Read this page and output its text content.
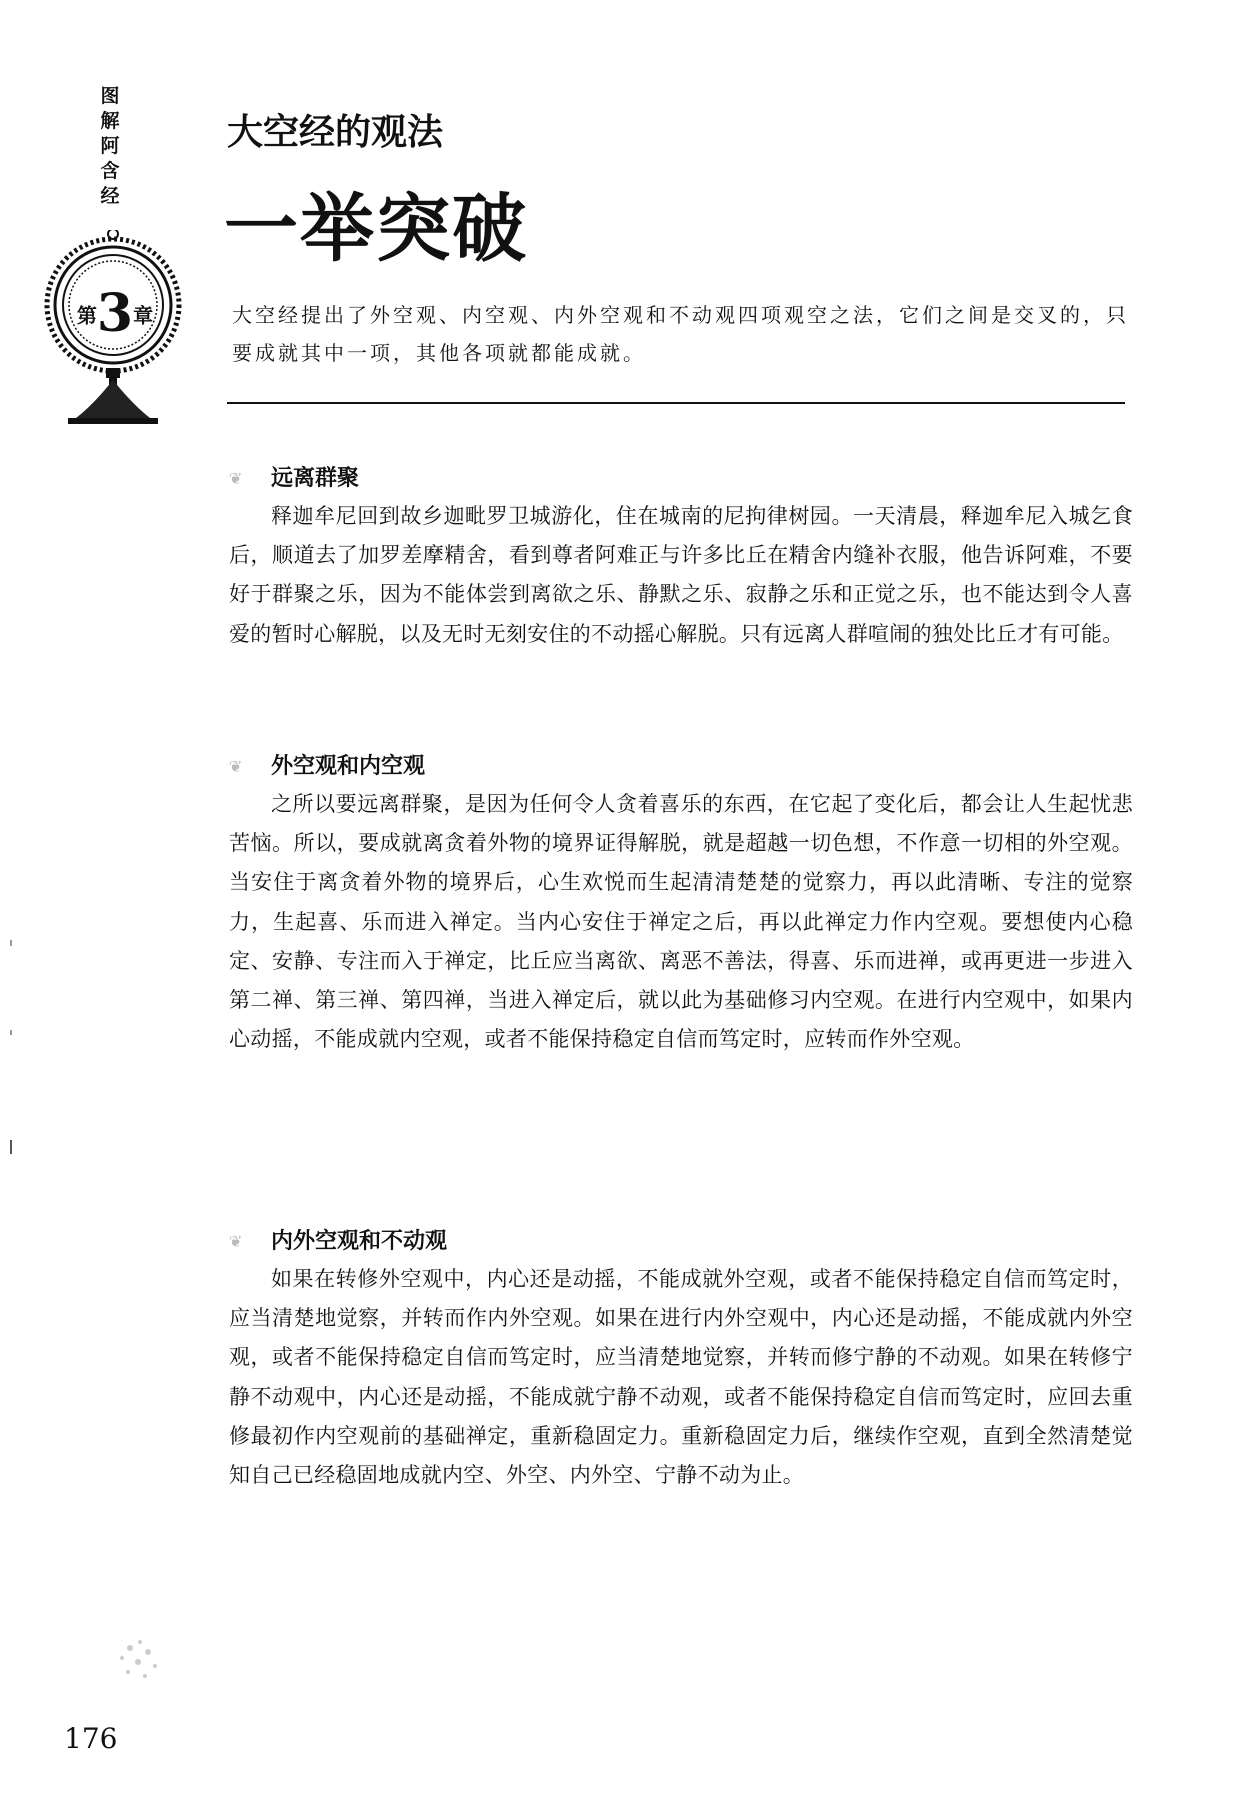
图
解
阿
含
经
第3章
大空经的观法
一举突破

大空经提出了外空观、内空观、内外空观和不动观四项观空之法，它们之间是交叉的，只要成就其中一项，其他各项就都能成就。

❦	远离群聚

释迦牟尼回到故乡迦毗罗卫城游化，住在城南的尼拘律树园。一天清晨，释迦牟尼入城乞食后，顺道去了加罗差摩精舍，看到尊者阿难正与许多比丘在精舍内缝补衣服，他告诉阿难，不要好于群聚之乐，因为不能体尝到离欲之乐、静默之乐、寂静之乐和正觉之乐，也不能达到令人喜爱的暂时心解脱，以及无时无刻安住的不动摇心解脱。只有远离人群喧闹的独处比丘才有可能。

❦	外空观和内空观

之所以要远离群聚，是因为任何令人贪着喜乐的东西，在它起了变化后，都会让人生起忧悲苦恼。所以，要成就离贪着外物的境界证得解脱，就是超越一切色想，不作意一切相的外空观。当安住于离贪着外物的境界后，心生欢悦而生起清清楚楚的觉察力，再以此清晰、专注的觉察力，生起喜、乐而进入禅定。当内心安住于禅定之后，再以此禅定力作内空观。要想使内心稳定、安静、专注而入于禅定，比丘应当离欲、离恶不善法，得喜、乐而进禅，或再更进一步进入第二禅、第三禅、第四禅，当进入禅定后，就以此为基础修习内空观。在进行内空观中，如果内心动摇，不能成就内空观，或者不能保持稳定自信而笃定时，应转而作外空观。

❦	内外空观和不动观

如果在转修外空观中，内心还是动摇，不能成就外空观，或者不能保持稳定自信而笃定时，应当清楚地觉察，并转而作内外空观。如果在进行内外空观中，内心还是动摇，不能成就内外空观，或者不能保持稳定自信而笃定时，应当清楚地觉察，并转而修宁静的不动观。如果在转修宁静不动观中，内心还是动摇，不能成就宁静不动观，或者不能保持稳定自信而笃定时，应回去重修最初作内空观前的基础禅定，重新稳固定力。重新稳固定力后，继续作空观，直到全然清楚觉知自己已经稳固地成就内空、外空、内外空、宁静不动为止。

176
